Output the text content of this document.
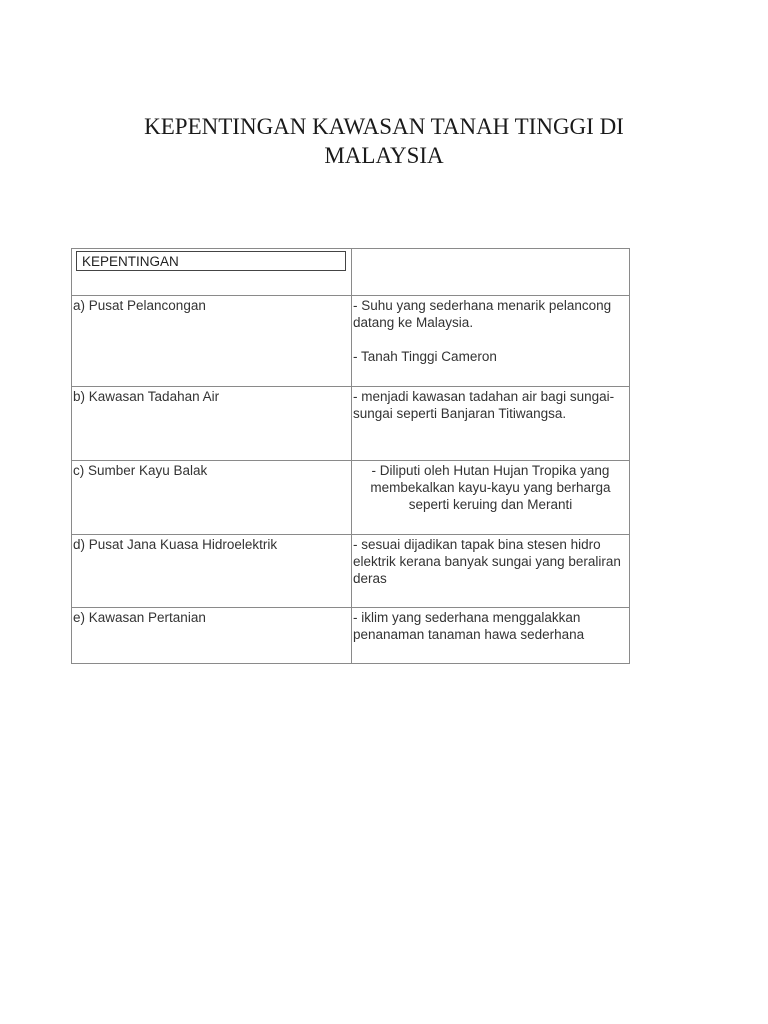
KEPENTINGAN KAWASAN TANAH TINGGI DI
MALAYSIA
KEPENTINGAN	

a) Pusat Pelancongan	- Suhu yang sederhana menarik pelancong datang ke Malaysia.
- Tanah Tinggi Cameron
b) Kawasan Tadahan Air	- menjadi kawasan tadahan air bagi sungai-sungai seperti Banjaran Titiwangsa.
c) Sumber Kayu Balak	- Diliputi oleh Hutan Hujan Tropika yang membekalkan kayu-kayu yang berharga seperti keruing dan Meranti
d) Pusat Jana Kuasa Hidroelektrik	- sesuai dijadikan tapak bina stesen hidro elektrik kerana banyak sungai yang beraliran deras
e) Kawasan Pertanian	- iklim yang sederhana menggalakkan penanaman tanaman hawa sederhana
